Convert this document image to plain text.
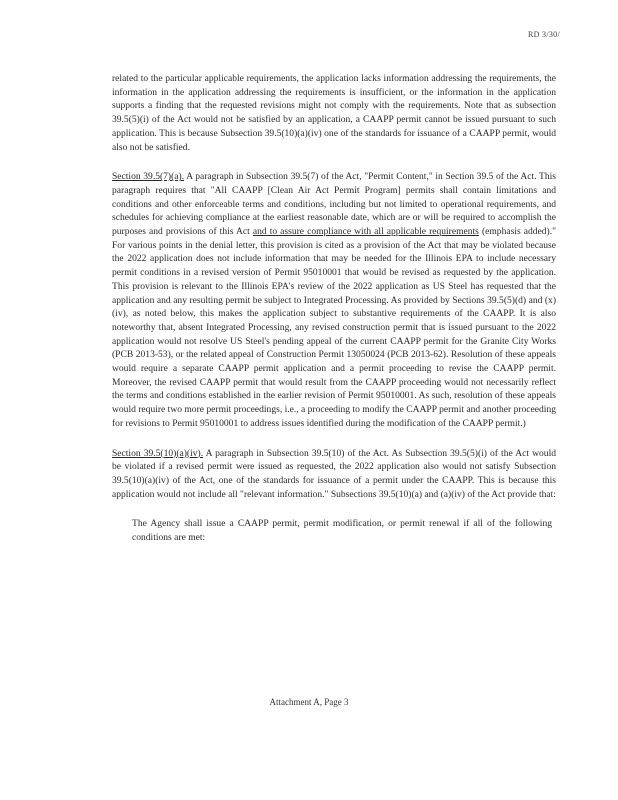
RD 3/30/

related to the particular applicable requirements, the application lacks information addressing the requirements, the information in the application addressing the requirements is insufficient, or the information in the application supports a finding that the requested revisions might not comply with the requirements. Note that as subsection 39.5(5)(i) of the Act would not be satisfied by an application, a CAAPP permit cannot be issued pursuant to such application. This is because Subsection 39.5(10)(a)(iv) one of the standards for issuance of a CAAPP permit, would also not be satisfied.

Section 39.5(7)(a). A paragraph in Subsection 39.5(7) of the Act, "Permit Content," in Section 39.5 of the Act. This paragraph requires that "All CAAPP [Clean Air Act Permit Program] permits shall contain limitations and conditions and other enforceable terms and conditions, including but not limited to operational requirements, and schedules for achieving compliance at the earliest reasonable date, which are or will be required to accomplish the purposes and provisions of this Act and to assure compliance with all applicable requirements (emphasis added)." For various points in the denial letter, this provision is cited as a provision of the Act that may be violated because the 2022 application does not include information that may be needed for the Illinois EPA to include necessary permit conditions in a revised version of Permit 95010001 that would be revised as requested by the application. This provision is relevant to the Illinois EPA's review of the 2022 application as US Steel has requested that the application and any resulting permit be subject to Integrated Processing. As provided by Sections 39.5(5)(d) and (x)(iv), as noted below, this makes the application subject to substantive requirements of the CAAPP. It is also noteworthy that, absent Integrated Processing, any revised construction permit that is issued pursuant to the 2022 application would not resolve US Steel's pending appeal of the current CAAPP permit for the Granite City Works (PCB 2013-53), or the related appeal of Construction Permit 13050024 (PCB 2013-62). Resolution of these appeals would require a separate CAAPP permit application and a permit proceeding to revise the CAAPP permit. Moreover, the revised CAAPP permit that would result from the CAAPP proceeding would not necessarily reflect the terms and conditions established in the earlier revision of Permit 95010001. As such, resolution of these appeals would require two more permit proceedings, i.e., a proceeding to modify the CAAPP permit and another proceeding for revisions to Permit 95010001 to address issues identified during the modification of the CAAPP permit.)

Section 39.5(10)(a)(iv). A paragraph in Subsection 39.5(10) of the Act. As Subsection 39.5(5)(i) of the Act would be violated if a revised permit were issued as requested, the 2022 application also would not satisfy Subsection 39.5(10)(a)(iv) of the Act, one of the standards for issuance of a permit under the CAAPP. This is because this application would not include all "relevant information." Subsections 39.5(10)(a) and (a)(iv) of the Act provide that:

The Agency shall issue a CAAPP permit, permit modification, or permit renewal if all of the following conditions are met:

Attachment A, Page 3
